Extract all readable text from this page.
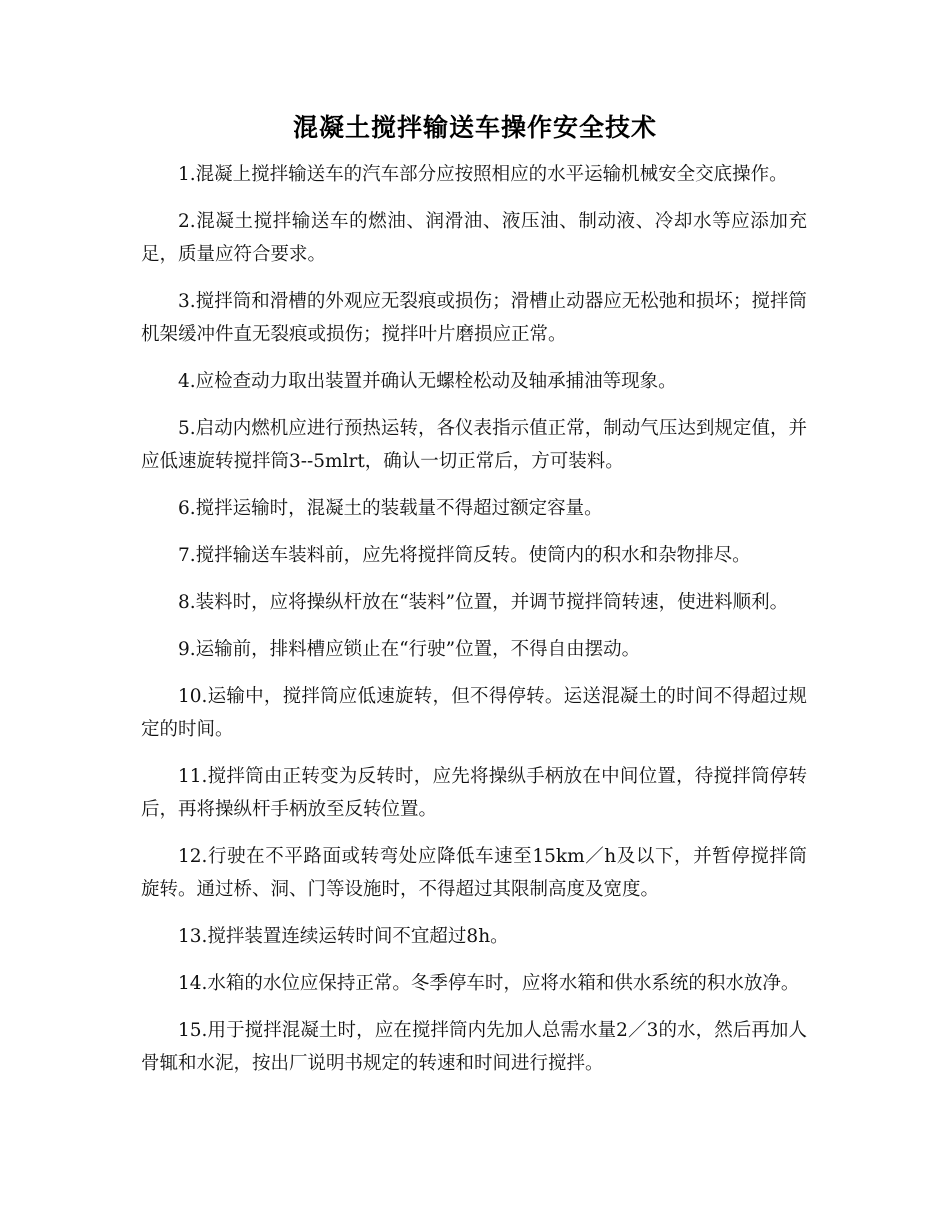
混凝土搅拌输送车操作安全技术

1.混凝上搅拌输送车的汽车部分应按照相应的水平运输机械安全交底操作。

2.混凝土搅拌输送车的燃油、润滑油、液压油、制动液、冷却水等应添加充足，质量应符合要求。

3.搅拌筒和滑槽的外观应无裂痕或损伤；滑槽止动器应无松弛和损坏；搅拌筒机架缓冲件直无裂痕或损伤；搅拌叶片磨损应正常。

4.应检查动力取出装置并确认无螺栓松动及轴承捕油等现象。

5.启动内燃机应进行预热运转，各仪表指示值正常，制动气压达到规定值，并应低速旋转搅拌筒3--5mlrt，确认一切正常后，方可装料。

6.搅拌运输时，混凝土的装载量不得超过额定容量。

7.搅拌输送车装料前，应先将搅拌筒反转。使筒内的积水和杂物排尽。

8.装料时，应将操纵杆放在“装料”位置，并调节搅拌筒转速，使进料顺利。

9.运输前，排料槽应锁止在“行驶”位置，不得自由摆动。

10.运输中，搅拌筒应低速旋转，但不得停转。运送混凝土的时间不得超过规定的时间。

11.搅拌筒由正转变为反转时，应先将操纵手柄放在中间位置，待搅拌筒停转后，再将操纵杆手柄放至反转位置。

12.行驶在不平路面或转弯处应降低车速至15km／h及以下，并暂停搅拌筒旋转。通过桥、洞、门等设施时，不得超过其限制高度及宽度。

13.搅拌装置连续运转时间不宜超过8h。

14.水箱的水位应保持正常。冬季停车时，应将水箱和供水系统的积水放净。

15.用于搅拌混凝土时，应在搅拌筒内先加人总需水量2／3的水，然后再加人骨辄和水泥，按出厂说明书规定的转速和时间进行搅拌。
